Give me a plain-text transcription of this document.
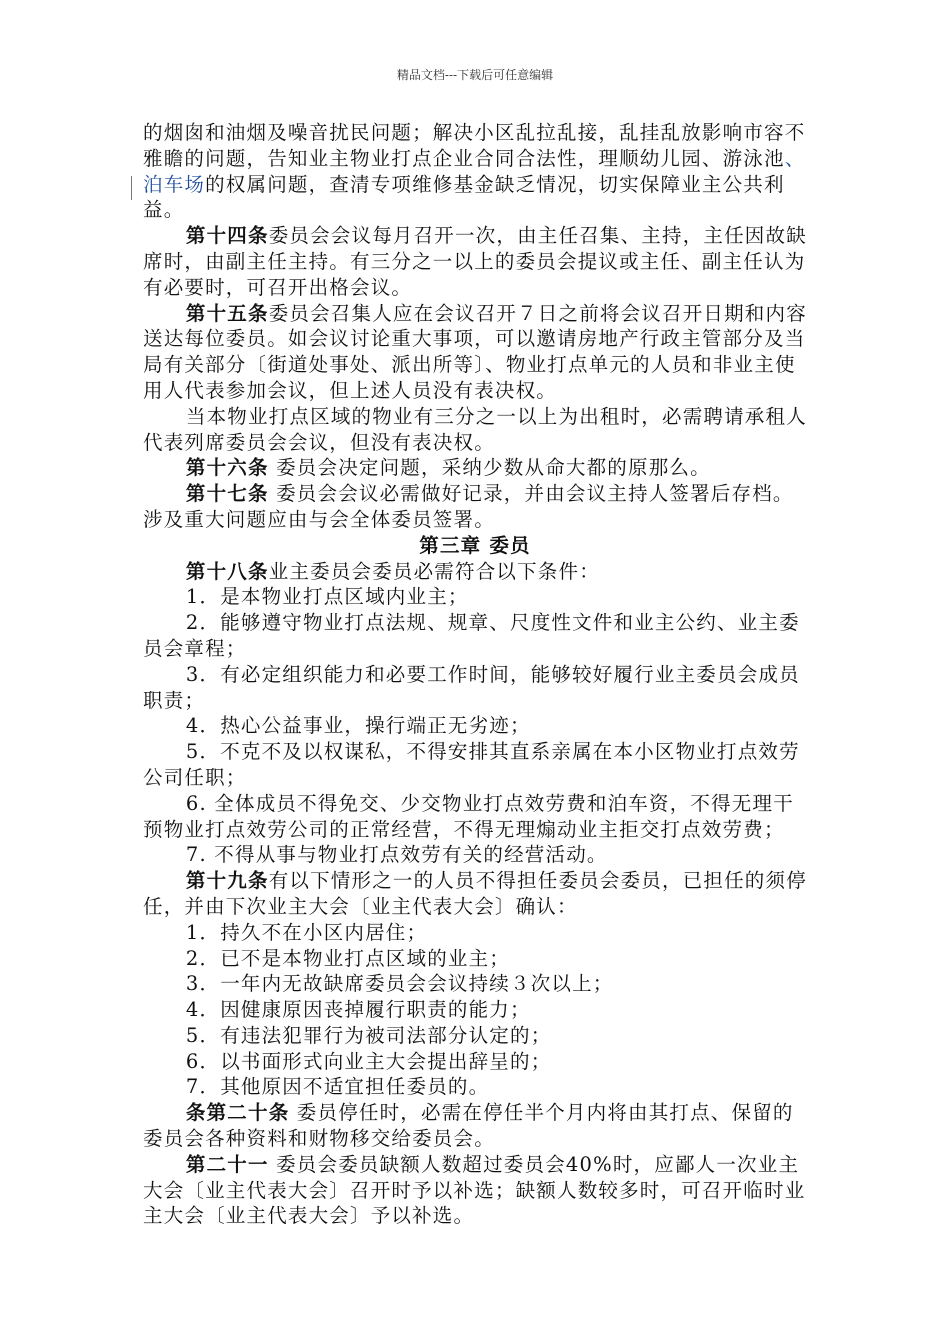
精品文档---下载后可任意编辑

的烟囱和油烟及噪音扰民问题；解决小区乱拉乱接，乱挂乱放影响市容不雅瞻的问题，告知业主物业打点企业合同合法性，理顺幼儿园、游泳池、泊车场的权属问题，查清专项维修基金缺乏情况，切实保障业主公共利益。

第十四条委员会会议每月召开一次，由主任召集、主持，主任因故缺席时，由副主任主持。有三分之一以上的委员会提议或主任、副主任认为有必要时，可召开出格会议。

第十五条委员会召集人应在会议召开７日之前将会议召开日期和内容送达每位委员。如会议讨论重大事项，可以邀请房地产行政主管部分及当局有关部分〔街道处事处、派出所等〕、物业打点单元的人员和非业主使用人代表参加会议，但上述人员没有表决权。

当本物业打点区域的物业有三分之一以上为出租时，必需聘请承租人代表列席委员会会议，但没有表决权。

第十六条 委员会决定问题，采纳少数从命大都的原那么。

第十七条 委员会会议必需做好记录，并由会议主持人签署后存档。涉及重大问题应由与会全体委员签署。

第三章 委员

第十八条业主委员会委员必需符合以下条件：

1．是本物业打点区域内业主；

2．能够遵守物业打点法规、规章、尺度性文件和业主公约、业主委员会章程；

3．有必定组织能力和必要工作时间，能够较好履行业主委员会成员职责；

4．热心公益事业，操行端正无劣迹；

5．不克不及以权谋私，不得安排其直系亲属在本小区物业打点效劳公司任职；

6. 全体成员不得免交、少交物业打点效劳费和泊车资，不得无理干预物业打点效劳公司的正常经营，不得无理煽动业主拒交打点效劳费；

7. 不得从事与物业打点效劳有关的经营活动。

第十九条有以下情形之一的人员不得担任委员会委员，已担任的须停任，并由下次业主大会〔业主代表大会〕确认：

1．持久不在小区内居住；

2．已不是本物业打点区域的业主；

3．一年内无故缺席委员会会议持续３次以上；

4．因健康原因丧掉履行职责的能力；

5．有违法犯罪行为被司法部分认定的；

6．以书面形式向业主大会提出辞呈的；

7．其他原因不适宜担任委员的。

条第二十条 委员停任时，必需在停任半个月内将由其打点、保留的委员会各种资料和财物移交给委员会。

第二十一 委员会委员缺额人数超过委员会40%时，应鄙人一次业主大会〔业主代表大会〕召开时予以补选；缺额人数较多时，可召开临时业主大会〔业主代表大会〕予以补选。
